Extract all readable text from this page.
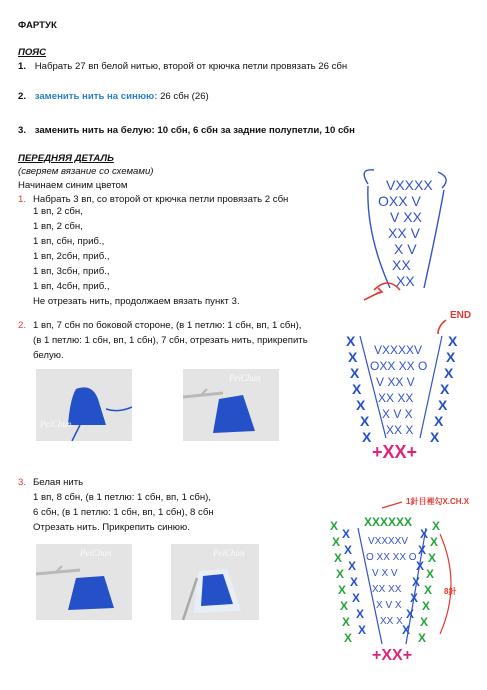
ФАРТУК
ПОЯС
1. Набрать 27 вп белой нитью, второй от крючка петли провязать 26 сбн
2. заменить нить на синюю: 26 сбн (26)
3. заменить нить на белую: 10 сбн, 6 сбн за задние полупетли, 10 сбн
ПЕРЕДНЯЯ ДЕТАЛЬ
(сверяем вязание со схемами)
Начинаем синим цветом
1. Набрать 3 вп, со второй от крючка петли провязать 2 сбн
1 вп, 2 сбн,
1 вп, 2 сбн,
1 вп, сбн, приб.,
1 вп, 2сбн, приб.,
1 вп, 3сбн, приб.,
1 вп, 4сбн, приб.,
Не отрезать нить, продолжаем вязать пункт 3.
2. 1 вп, 7 сбн по боковой стороне, (в 1 петлю: 1 сбн, вп, 1 сбн),
(в 1 петлю: 1 сбн, вп, 1 сбн), 7 сбн, отрезать нить, прикрепить
белую.
3. Белая нить
1 вп, 8 сбн, (в 1 петлю: 1 сбн, вп, 1 сбн),
6 сбн, (в 1 петлю: 1 сбн, вп, 1 сбн), 8 сбн
Отрезать нить. Прикрепить синюю.
PeiChun
PeiChun
PeiChun	PeiChun
VXXXX
OXX V
V XX
XX V
X V
XX
XX
END
VXXXXV
OXX XX O
V XX V
XX XX
X V X
XX X
X
X
X
X
X
X
X
X
X
X
X
X
X
X
+XX+
1針目裡勾X.CH.X
8針
XXXXXX
X
X
X
X
X
X
X
X
X
X
X
X
X
X
X
X
X
X
X
X
X
X
X
X
X
X
X
X
X
X
VXXXXV
O XX XX O
V X V
XX XX
X V X
XX X
+XX+
